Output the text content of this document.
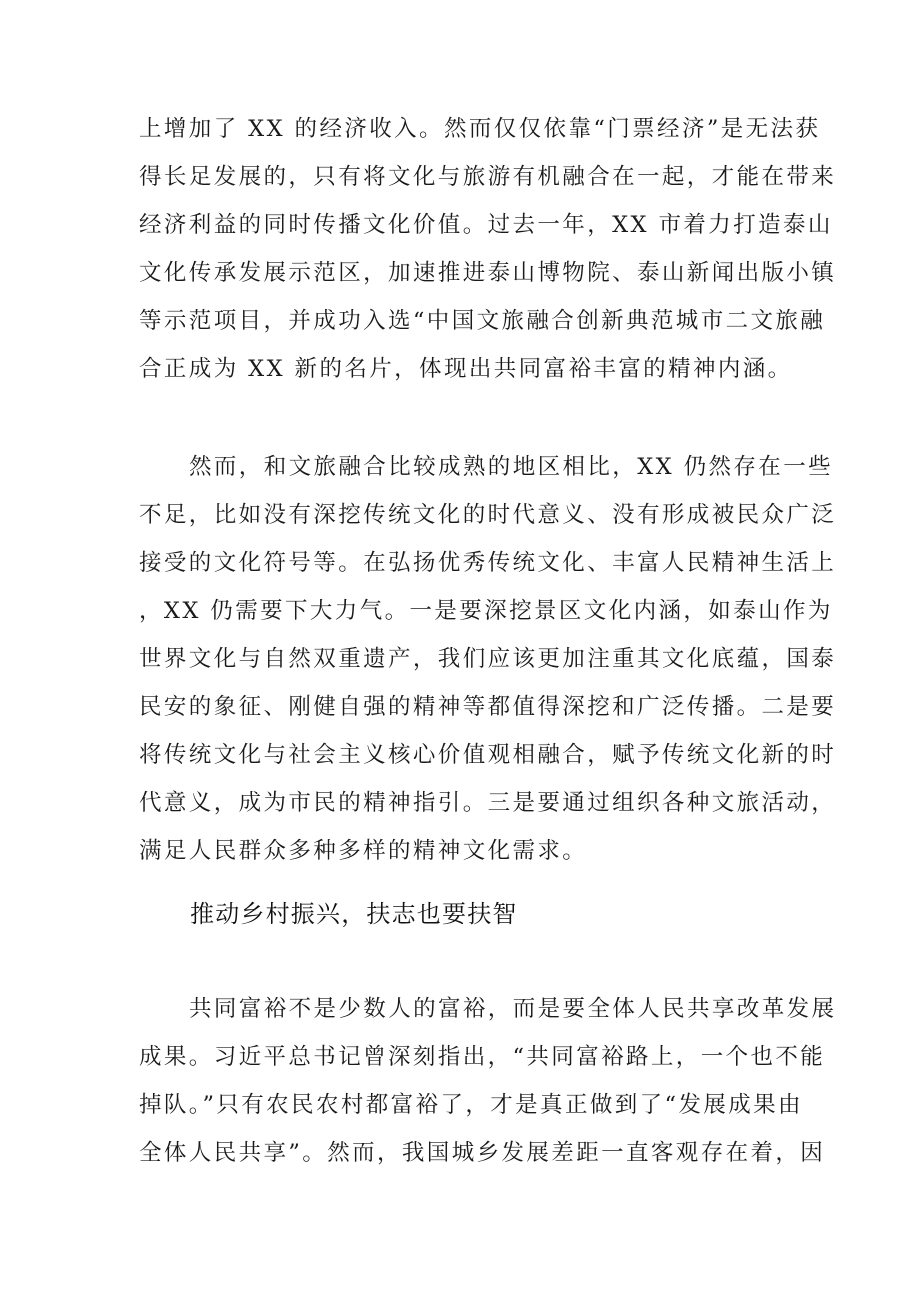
上增加了 XX 的经济收入。然而仅仅依靠“门票经济”是无法获
得长足发展的，只有将文化与旅游有机融合在一起，才能在带来
经济利益的同时传播文化价值。过去一年，XX 市着力打造泰山
文化传承发展示范区，加速推进泰山博物院、泰山新闻出版小镇
等示范项目，并成功入选“中国文旅融合创新典范城市二文旅融
合正成为 XX 新的名片，体现出共同富裕丰富的精神内涵。
然而，和文旅融合比较成熟的地区相比，XX 仍然存在一些
不足，比如没有深挖传统文化的时代意义、没有形成被民众广泛
接受的文化符号等。在弘扬优秀传统文化、丰富人民精神生活上
，XX 仍需要下大力气。一是要深挖景区文化内涵，如泰山作为
世界文化与自然双重遗产，我们应该更加注重其文化底蕴，国泰
民安的象征、刚健自强的精神等都值得深挖和广泛传播。二是要
将传统文化与社会主义核心价值观相融合，赋予传统文化新的时
代意义，成为市民的精神指引。三是要通过组织各种文旅活动，
满足人民群众多种多样的精神文化需求。
推动乡村振兴，扶志也要扶智
共同富裕不是少数人的富裕，而是要全体人民共享改革发展
成果。习近平总书记曾深刻指出，“共同富裕路上，一个也不能
掉队。”只有农民农村都富裕了，才是真正做到了“发展成果由
全体人民共享”。然而，我国城乡发展差距一直客观存在着，因
